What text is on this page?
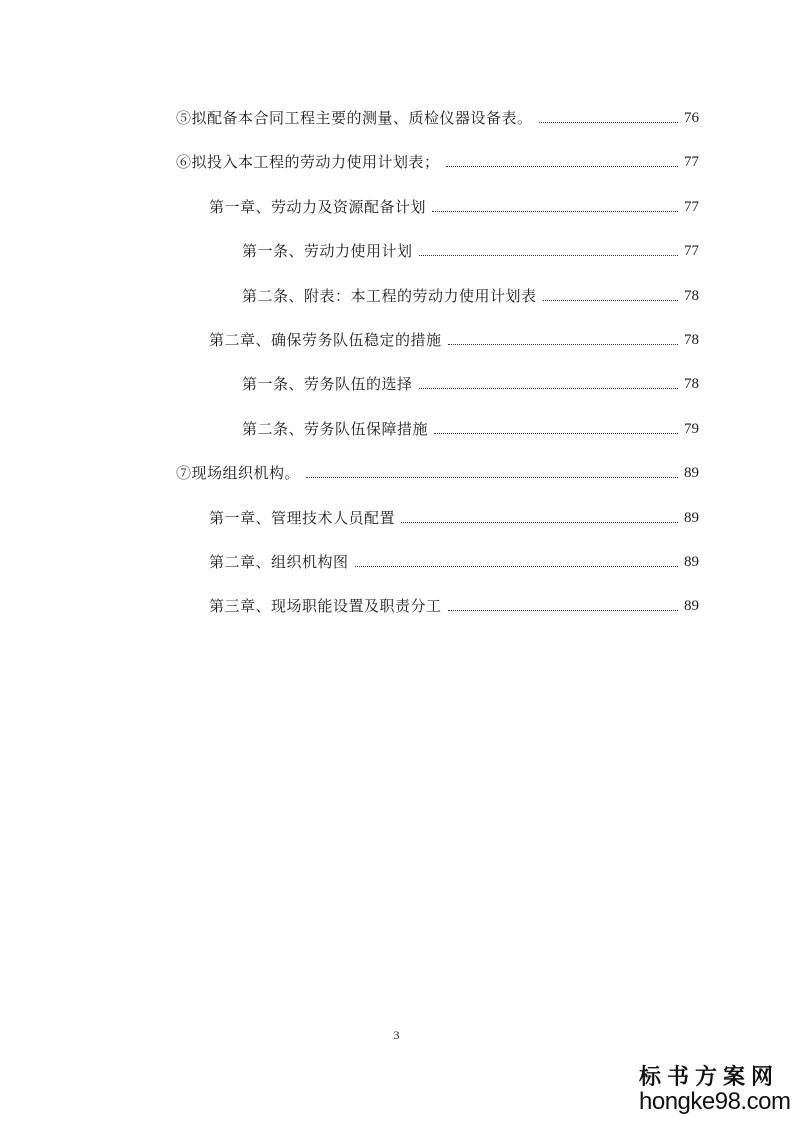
⑤拟配备本合同工程主要的测量、质检仪器设备表。	76
⑥拟投入本工程的劳动力使用计划表；	77
第一章、劳动力及资源配备计划	77
第一条、劳动力使用计划	77
第二条、附表：本工程的劳动力使用计划表	78
第二章、确保劳务队伍稳定的措施	78
第一条、劳务队伍的选择	78
第二条、劳务队伍保障措施	79
⑦现场组织机构。	89
第一章、管理技术人员配置	89
第二章、组织机构图	89
第三章、现场职能设置及职责分工	89
3
标书方案网
hongke98.com
